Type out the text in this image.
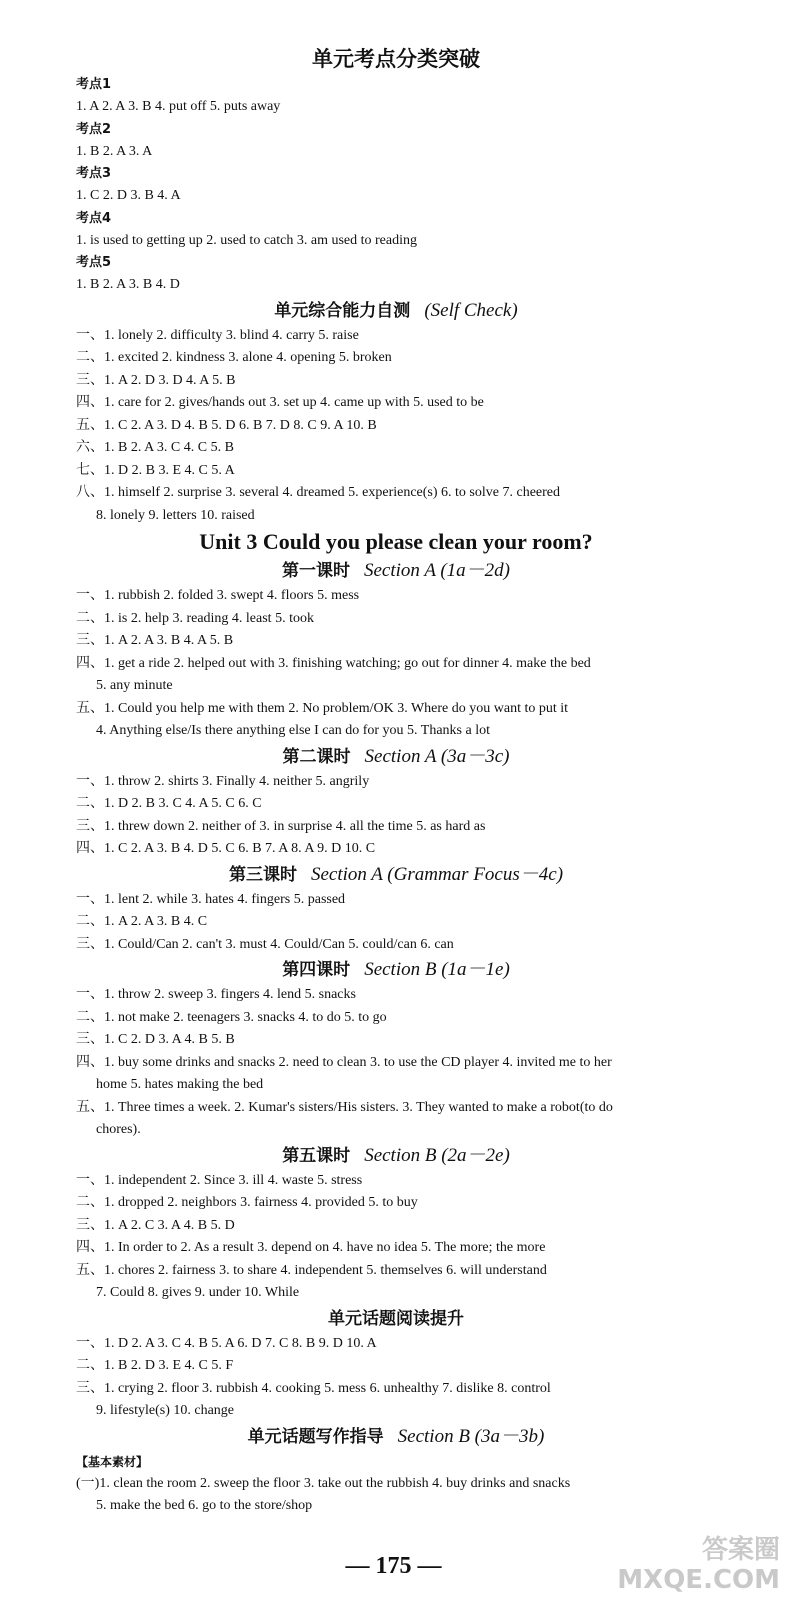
单元考点分类突破

考点1
1. A 2. A 3. B 4. put off 5. puts away
考点2
1. B 2. A 3. A
考点3
1. C 2. D 3. B 4. A
考点4
1. is used to getting up 2. used to catch 3. am used to reading
考点5
1. B 2. A 3. B 4. D

单元综合能力自测 (Self Check)

一、1. lonely 2. difficulty 3. blind 4. carry 5. raise
二、1. excited 2. kindness 3. alone 4. opening 5. broken
三、1. A 2. D 3. D 4. A 5. B
四、1. care for 2. gives/hands out 3. set up 4. came up with 5. used to be
五、1. C 2. A 3. D 4. B 5. D 6. B 7. D 8. C 9. A 10. B
六、1. B 2. A 3. C 4. C 5. B
七、1. D 2. B 3. E 4. C 5. A
八、1. himself 2. surprise 3. several 4. dreamed 5. experience(s) 6. to solve 7. cheered
8. lonely 9. letters 10. raised

Unit 3 Could you please clean your room?

第一课时 Section A (1a－2d)

一、1. rubbish 2. folded 3. swept 4. floors 5. mess
二、1. is 2. help 3. reading 4. least 5. took
三、1. A 2. A 3. B 4. A 5. B
四、1. get a ride 2. helped out with 3. finishing watching; go out for dinner 4. make the bed
5. any minute
五、1. Could you help me with them 2. No problem/OK 3. Where do you want to put it
4. Anything else/Is there anything else I can do for you 5. Thanks a lot

第二课时 Section A (3a－3c)

一、1. throw 2. shirts 3. Finally 4. neither 5. angrily
二、1. D 2. B 3. C 4. A 5. C 6. C
三、1. threw down 2. neither of 3. in surprise 4. all the time 5. as hard as
四、1. C 2. A 3. B 4. D 5. C 6. B 7. A 8. A 9. D 10. C

第三课时 Section A (Grammar Focus－4c)

一、1. lent 2. while 3. hates 4. fingers 5. passed
二、1. A 2. A 3. B 4. C
三、1. Could/Can 2. can't 3. must 4. Could/Can 5. could/can 6. can

第四课时 Section B (1a－1e)

一、1. throw 2. sweep 3. fingers 4. lend 5. snacks
二、1. not make 2. teenagers 3. snacks 4. to do 5. to go
三、1. C 2. D 3. A 4. B 5. B
四、1. buy some drinks and snacks 2. need to clean 3. to use the CD player 4. invited me to her
home 5. hates making the bed
五、1. Three times a week. 2. Kumar's sisters/His sisters. 3. They wanted to make a robot(to do
chores).

第五课时 Section B (2a－2e)

一、1. independent 2. Since 3. ill 4. waste 5. stress
二、1. dropped 2. neighbors 3. fairness 4. provided 5. to buy
三、1. A 2. C 3. A 4. B 5. D
四、1. In order to 2. As a result 3. depend on 4. have no idea 5. The more; the more
五、1. chores 2. fairness 3. to share 4. independent 5. themselves 6. will understand
7. Could 8. gives 9. under 10. While

单元话题阅读提升

一、1. D 2. A 3. C 4. B 5. A 6. D 7. C 8. B 9. D 10. A
二、1. B 2. D 3. E 4. C 5. F
三、1. crying 2. floor 3. rubbish 4. cooking 5. mess 6. unhealthy 7. dislike 8. control
9. lifestyle(s) 10. change

单元话题写作指导 Section B (3a－3b)

【基本素材】
(一)1. clean the room 2. sweep the floor 3. take out the rubbish 4. buy drinks and snacks
5. make the bed 6. go to the store/shop
— 175 —
答案圈 MXQE.COM
